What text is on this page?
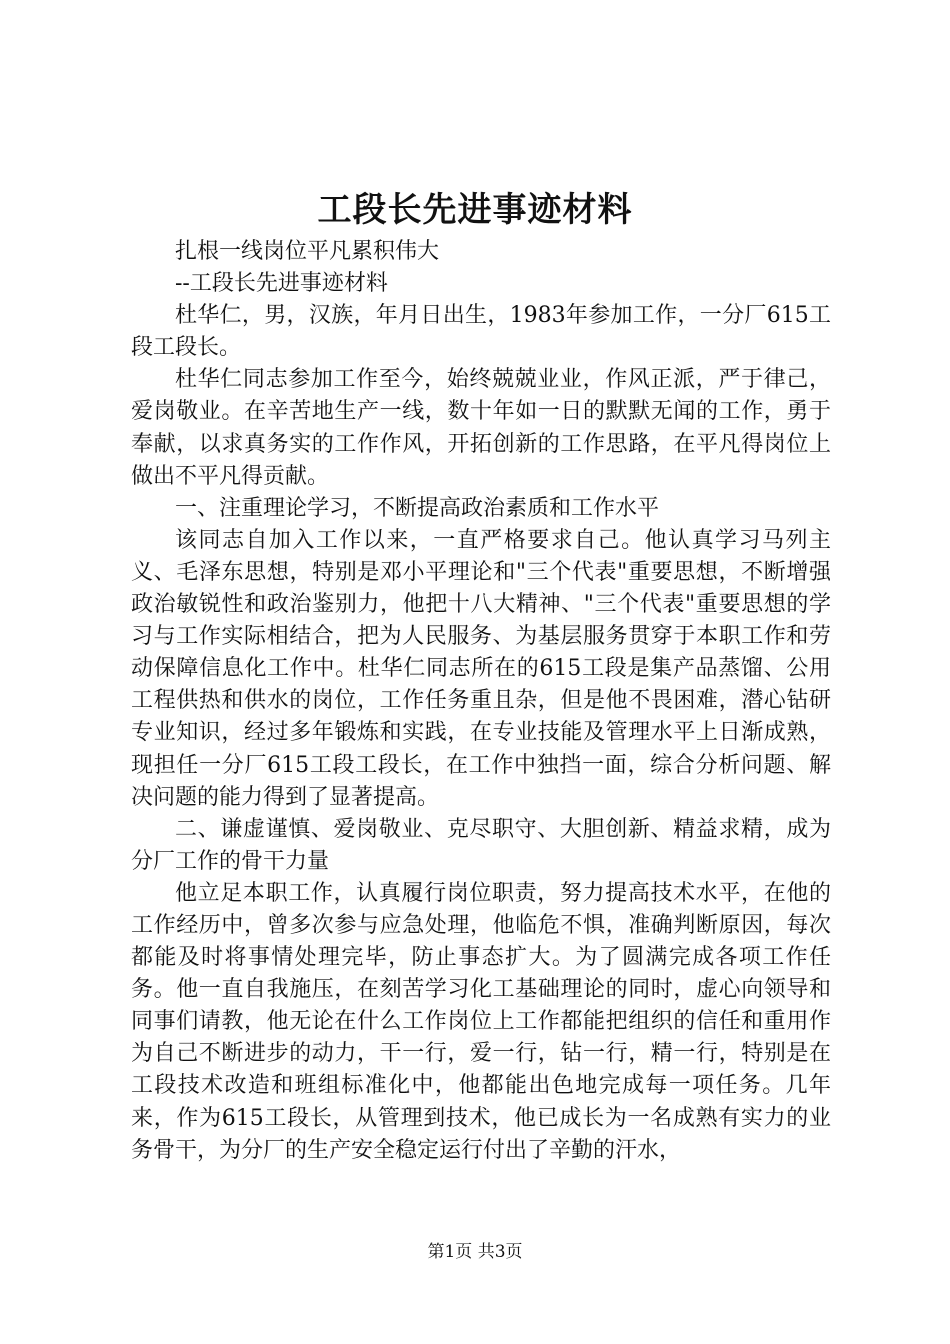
工段长先进事迹材料

扎根一线岗位平凡累积伟大

--工段长先进事迹材料

杜华仁，男，汉族，年月日出生，1983年参加工作，一分厂615工段工段长。

杜华仁同志参加工作至今，始终兢兢业业，作风正派，严于律己，爱岗敬业。在辛苦地生产一线，数十年如一日的默默无闻的工作，勇于奉献，以求真务实的工作作风，开拓创新的工作思路，在平凡得岗位上做出不平凡得贡献。

一、注重理论学习，不断提高政治素质和工作水平

该同志自加入工作以来，一直严格要求自己。他认真学习马列主义、毛泽东思想，特别是邓小平理论和"三个代表"重要思想，不断增强政治敏锐性和政治鉴别力，他把十八大精神、"三个代表"重要思想的学习与工作实际相结合，把为人民服务、为基层服务贯穿于本职工作和劳动保障信息化工作中。杜华仁同志所在的615工段是集产品蒸馏、公用工程供热和供水的岗位，工作任务重且杂，但是他不畏困难，潜心钻研专业知识，经过多年锻炼和实践，在专业技能及管理水平上日渐成熟，现担任一分厂615工段工段长，在工作中独挡一面，综合分析问题、解决问题的能力得到了显著提高。

二、谦虚谨慎、爱岗敬业、克尽职守、大胆创新、精益求精，成为分厂工作的骨干力量

他立足本职工作，认真履行岗位职责，努力提高技术水平，在他的工作经历中，曾多次参与应急处理，他临危不惧，准确判断原因，每次都能及时将事情处理完毕，防止事态扩大。为了圆满完成各项工作任务。他一直自我施压，在刻苦学习化工基础理论的同时，虚心向领导和同事们请教，他无论在什么工作岗位上工作都能把组织的信任和重用作为自己不断进步的动力，干一行，爱一行，钻一行，精一行，特别是在工段技术改造和班组标准化中，他都能出色地完成每一项任务。几年来，作为615工段长，从管理到技术，他已成长为一名成熟有实力的业务骨干，为分厂的生产安全稳定运行付出了辛勤的汗水，

第1页 共3页
